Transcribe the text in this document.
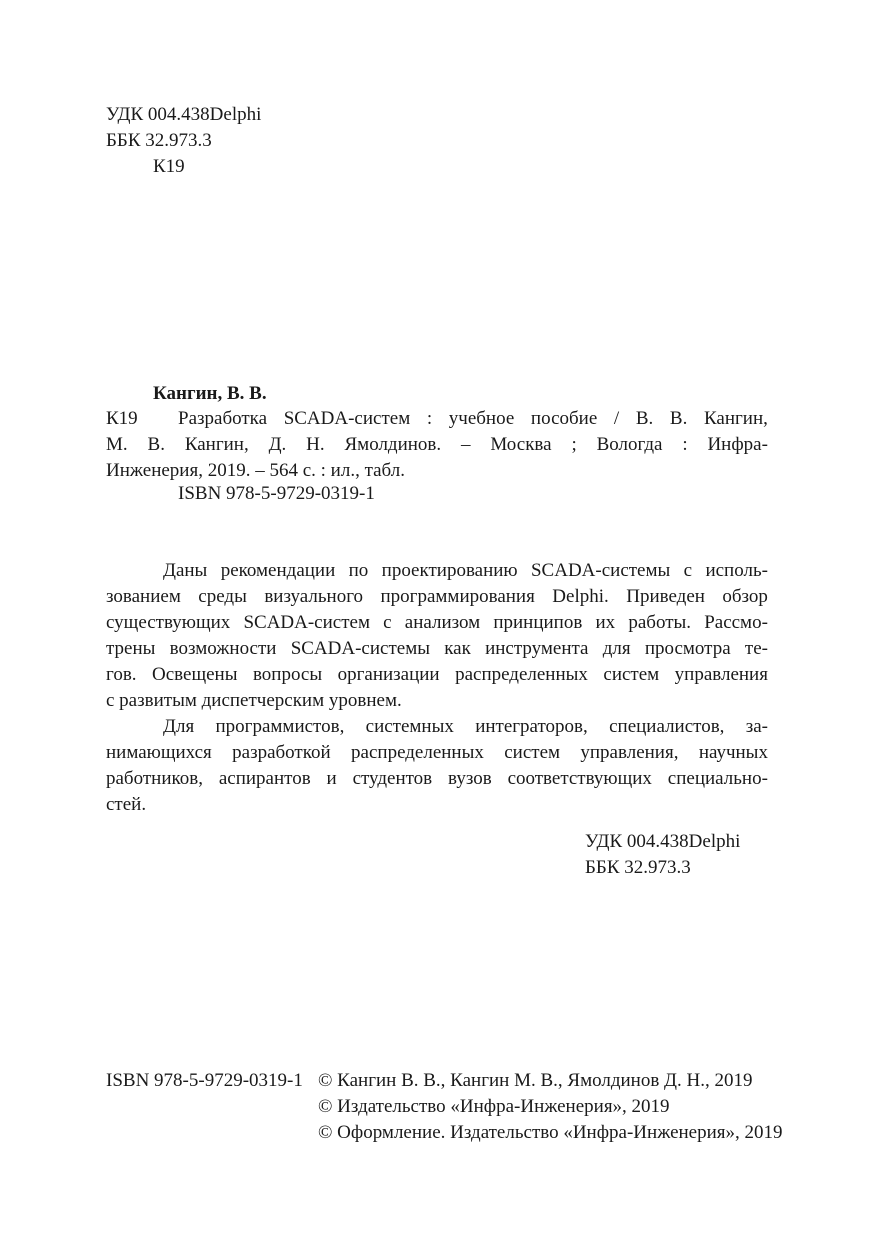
УДК 004.438Delphi
ББК 32.973.3
К19
Кангин, В. В.
К19 Разработка SCADA-систем : учебное пособие / В. В. Кангин,
М. В. Кангин, Д. Н. Ямолдинов. – Москва ; Вологда : Инфра-
Инженерия, 2019. – 564 с. : ил., табл.
ISBN 978-5-9729-0319-1
Даны рекомендации по проектированию SCADA-системы с исполь-
зованием среды визуального программирования Delphi. Приведен обзор
существующих SCADA-систем с анализом принципов их работы. Рассмо-
трены возможности SCADA-системы как инструмента для просмотра те-
гов. Освещены вопросы организации распределенных систем управления
с развитым диспетчерским уровнем.
Для программистов, системных интеграторов, специалистов, за-
нимающихся разработкой распределенных систем управления, научных
работников, аспирантов и студентов вузов соответствующих специально-
стей.
УДК 004.438Delphi
ББК 32.973.3
ISBN 978-5-9729-0319-1 © Кангин В. В., Кангин М. В., Ямолдинов Д. Н., 2019
© Издательство «Инфра-Инженерия», 2019
© Оформление. Издательство «Инфра-Инженерия», 2019
